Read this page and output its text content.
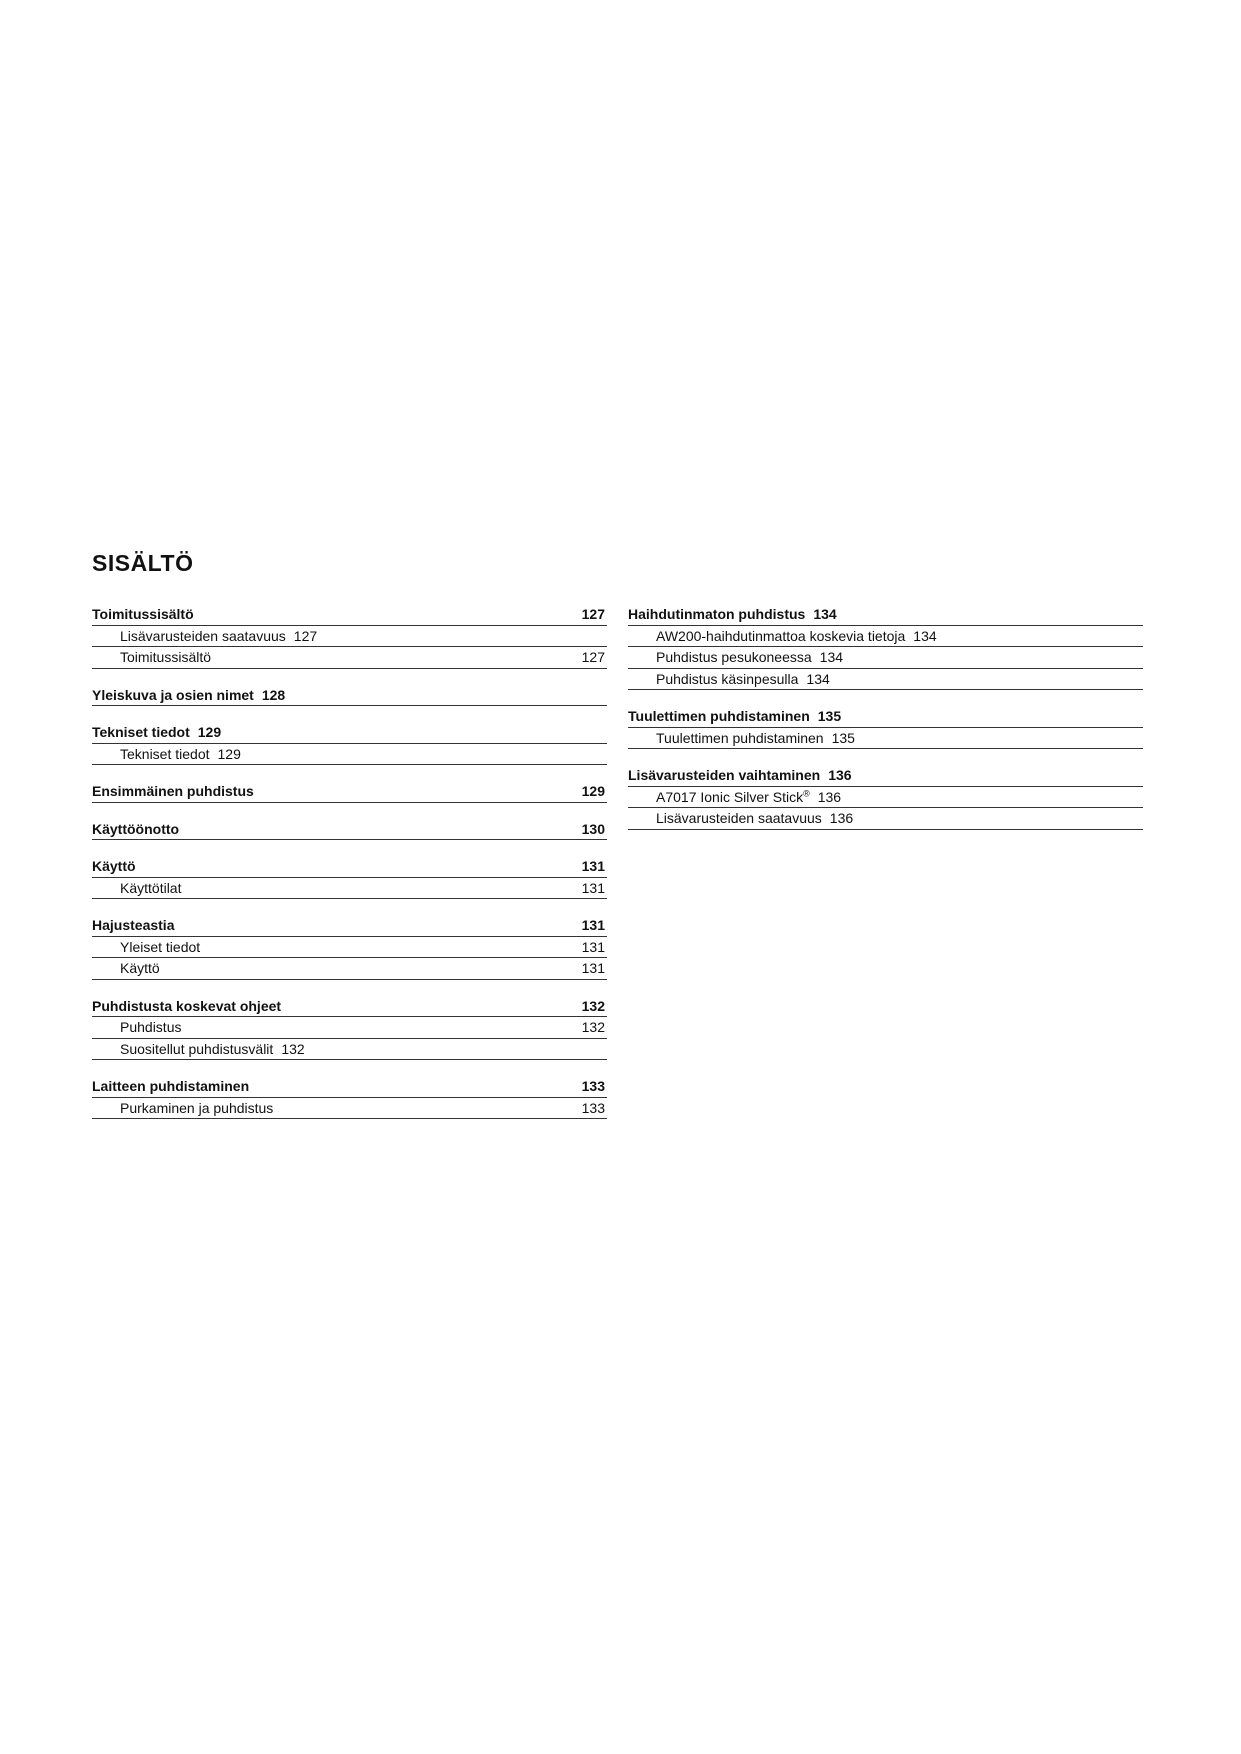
SISÄLTÖ
Toimitussisältö	127
Lisävarusteiden saatavuus 127
Toimitussisältö	127
Yleiskuva ja osien nimet 128
Tekniset tiedot 129
Tekniset tiedot 129
Ensimmäinen puhdistus	129
Käyttöönotto	130
Käyttö	131
Käyttötilat	131
Hajusteastia	131
Yleiset tiedot	131
Käyttö	131
Puhdistusta koskevat ohjeet	132
Puhdistus	132
Suositellut puhdistusvälit 132
Laitteen puhdistaminen	133
Purkaminen ja puhdistus	133
Haihdutinmaton puhdistus 134
AW200-haihdutinmattoa koskevia tietoja 134
Puhdistus pesukoneessa 134
Puhdistus käsinpesulla 134
Tuulettimen puhdistaminen 135
Tuulettimen puhdistaminen 135
Lisävarusteiden vaihtaminen 136
A7017 Ionic Silver Stick® 136
Lisävarusteiden saatavuus 136
